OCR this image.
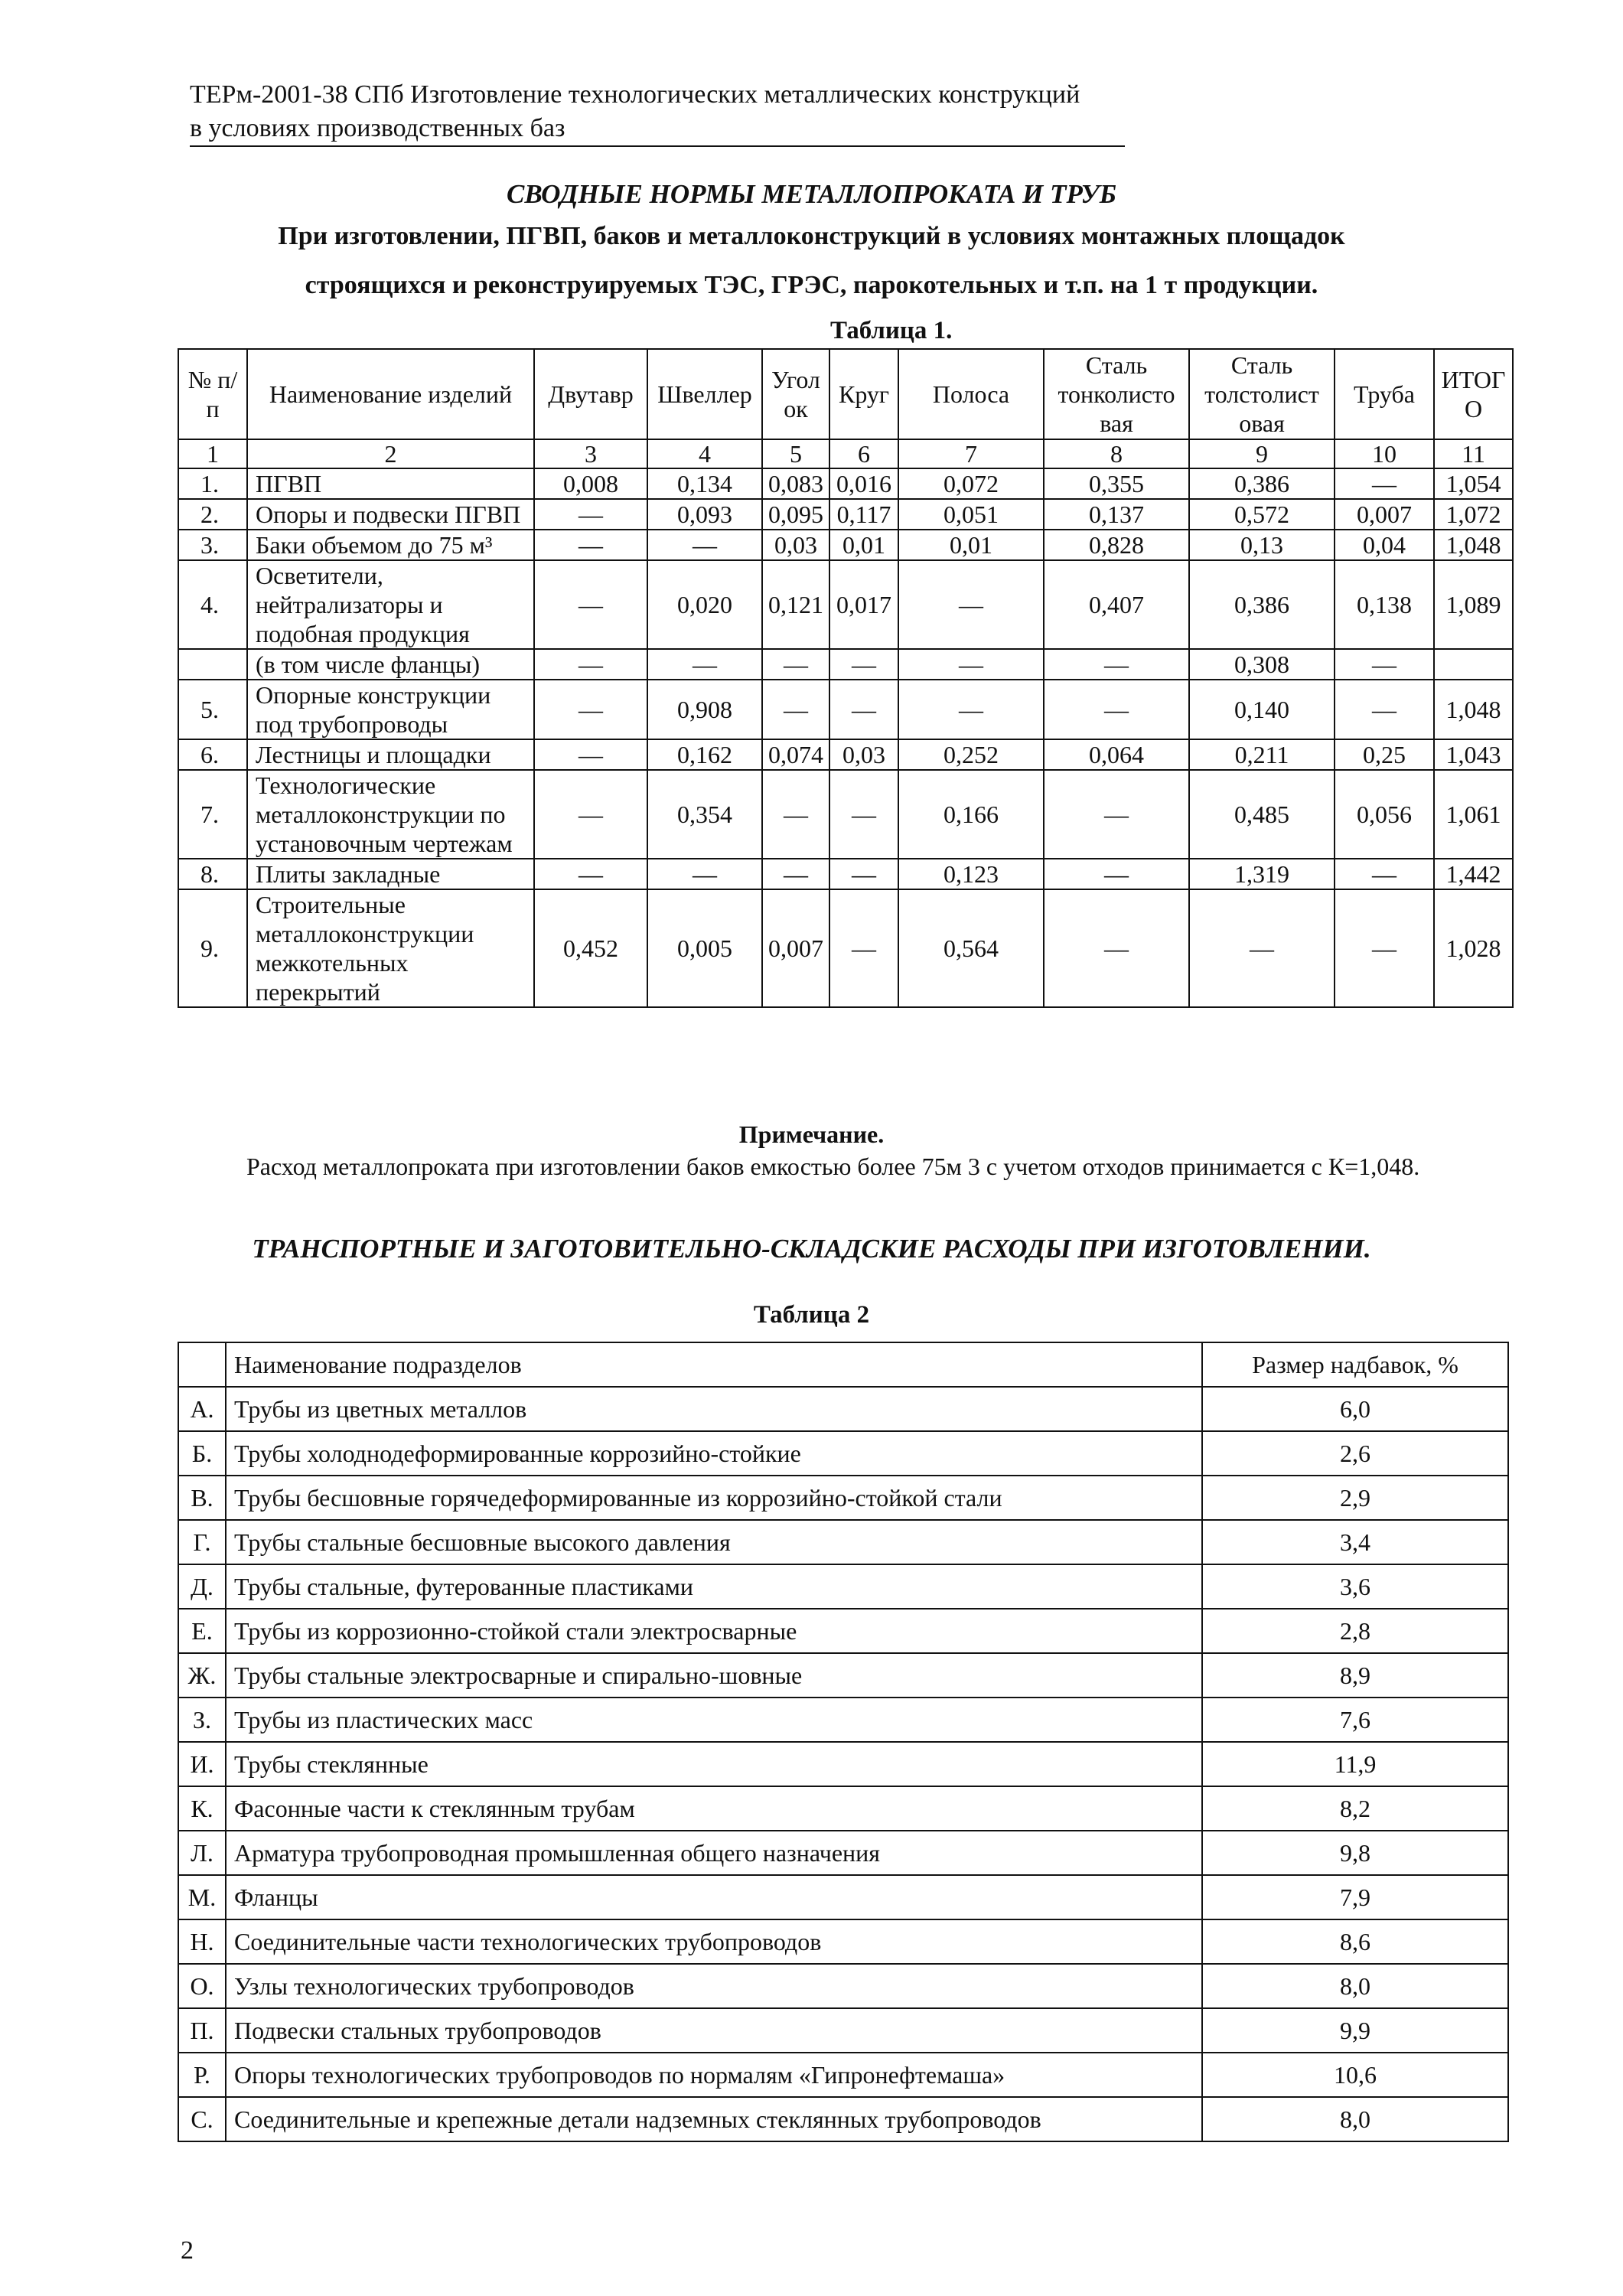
ТЕРм-2001-38 СПб Изготовление технологических металлических конструкций
в условиях производственных баз
СВОДНЫЕ НОРМЫ МЕТАЛЛОПРОКАТА И ТРУБ
При изготовлении, ПГВП, баков и металлоконструкций в условиях монтажных площадок
строящихся и реконструируемых ТЭС, ГРЭС, парокотельных и т.п. на 1 т продукции.
Таблица 1.
№ п/п	Наименование изделий	Двутавр	Швеллер	Угол ок	Круг	Полоса	Сталь тонколисто вая	Сталь толстолист овая	Труба	ИТОГ О
1	2	3	4	5	6	7	8	9	10	11
1.	ПГВП	0,008	0,134	0,083	0,016	0,072	0,355	0,386	—	1,054
2.	Опоры и подвески ПГВП	—	0,093	0,095	0,117	0,051	0,137	0,572	0,007	1,072
3.	Баки объемом до 75 м³	—	—	0,03	0,01	0,01	0,828	0,13	0,04	1,048
4.	Осветители, нейтрализаторы и подобная продукция	—	0,020	0,121	0,017	—	0,407	0,386	0,138	1,089
	(в том числе фланцы)	—	—	—	—	—	—	0,308	—	
5.	Опорные конструкции под трубопроводы	—	0,908	—	—	—	—	0,140	—	1,048
6.	Лестницы и площадки	—	0,162	0,074	0,03	0,252	0,064	0,211	0,25	1,043
7.	Технологические металлоконструкции по установочным чертежам	—	0,354	—	—	0,166	—	0,485	0,056	1,061
8.	Плиты закладные	—	—	—	—	0,123	—	1,319	—	1,442
9.	Строительные металлоконструкции межкотельных перекрытий	0,452	0,005	0,007	—	0,564	—	—	—	1,028
Примечание.
Расход металлопроката при изготовлении баков емкостью более 75м 3 с учетом отходов принимается с К=1,048.
ТРАНСПОРТНЫЕ И ЗАГОТОВИТЕЛЬНО-СКЛАДСКИЕ РАСХОДЫ ПРИ ИЗГОТОВЛЕНИИ.
Таблица 2
	Наименование подразделов	Размер надбавок, %
А.	Трубы из цветных металлов	6,0
Б.	Трубы холоднодеформированные коррозийно-стойкие	2,6
В.	Трубы бесшовные горячедеформированные из коррозийно-стойкой стали	2,9
Г.	Трубы стальные бесшовные высокого давления	3,4
Д.	Трубы стальные, футерованные пластиками	3,6
Е.	Трубы из коррозионно-стойкой стали электросварные	2,8
Ж.	Трубы стальные электросварные и спирально-шовные	8,9
З.	Трубы из пластических масс	7,6
И.	Трубы стеклянные	11,9
К.	Фасонные части к стеклянным трубам	8,2
Л.	Арматура трубопроводная промышленная общего назначения	9,8
М.	Фланцы	7,9
Н.	Соединительные части технологических трубопроводов	8,6
О.	Узлы технологических трубопроводов	8,0
П.	Подвески стальных трубопроводов	9,9
Р.	Опоры технологических трубопроводов по нормалям «Гипронефтемаша»	10,6
С.	Соединительные и крепежные детали надземных стеклянных трубопроводов	8,0
2
